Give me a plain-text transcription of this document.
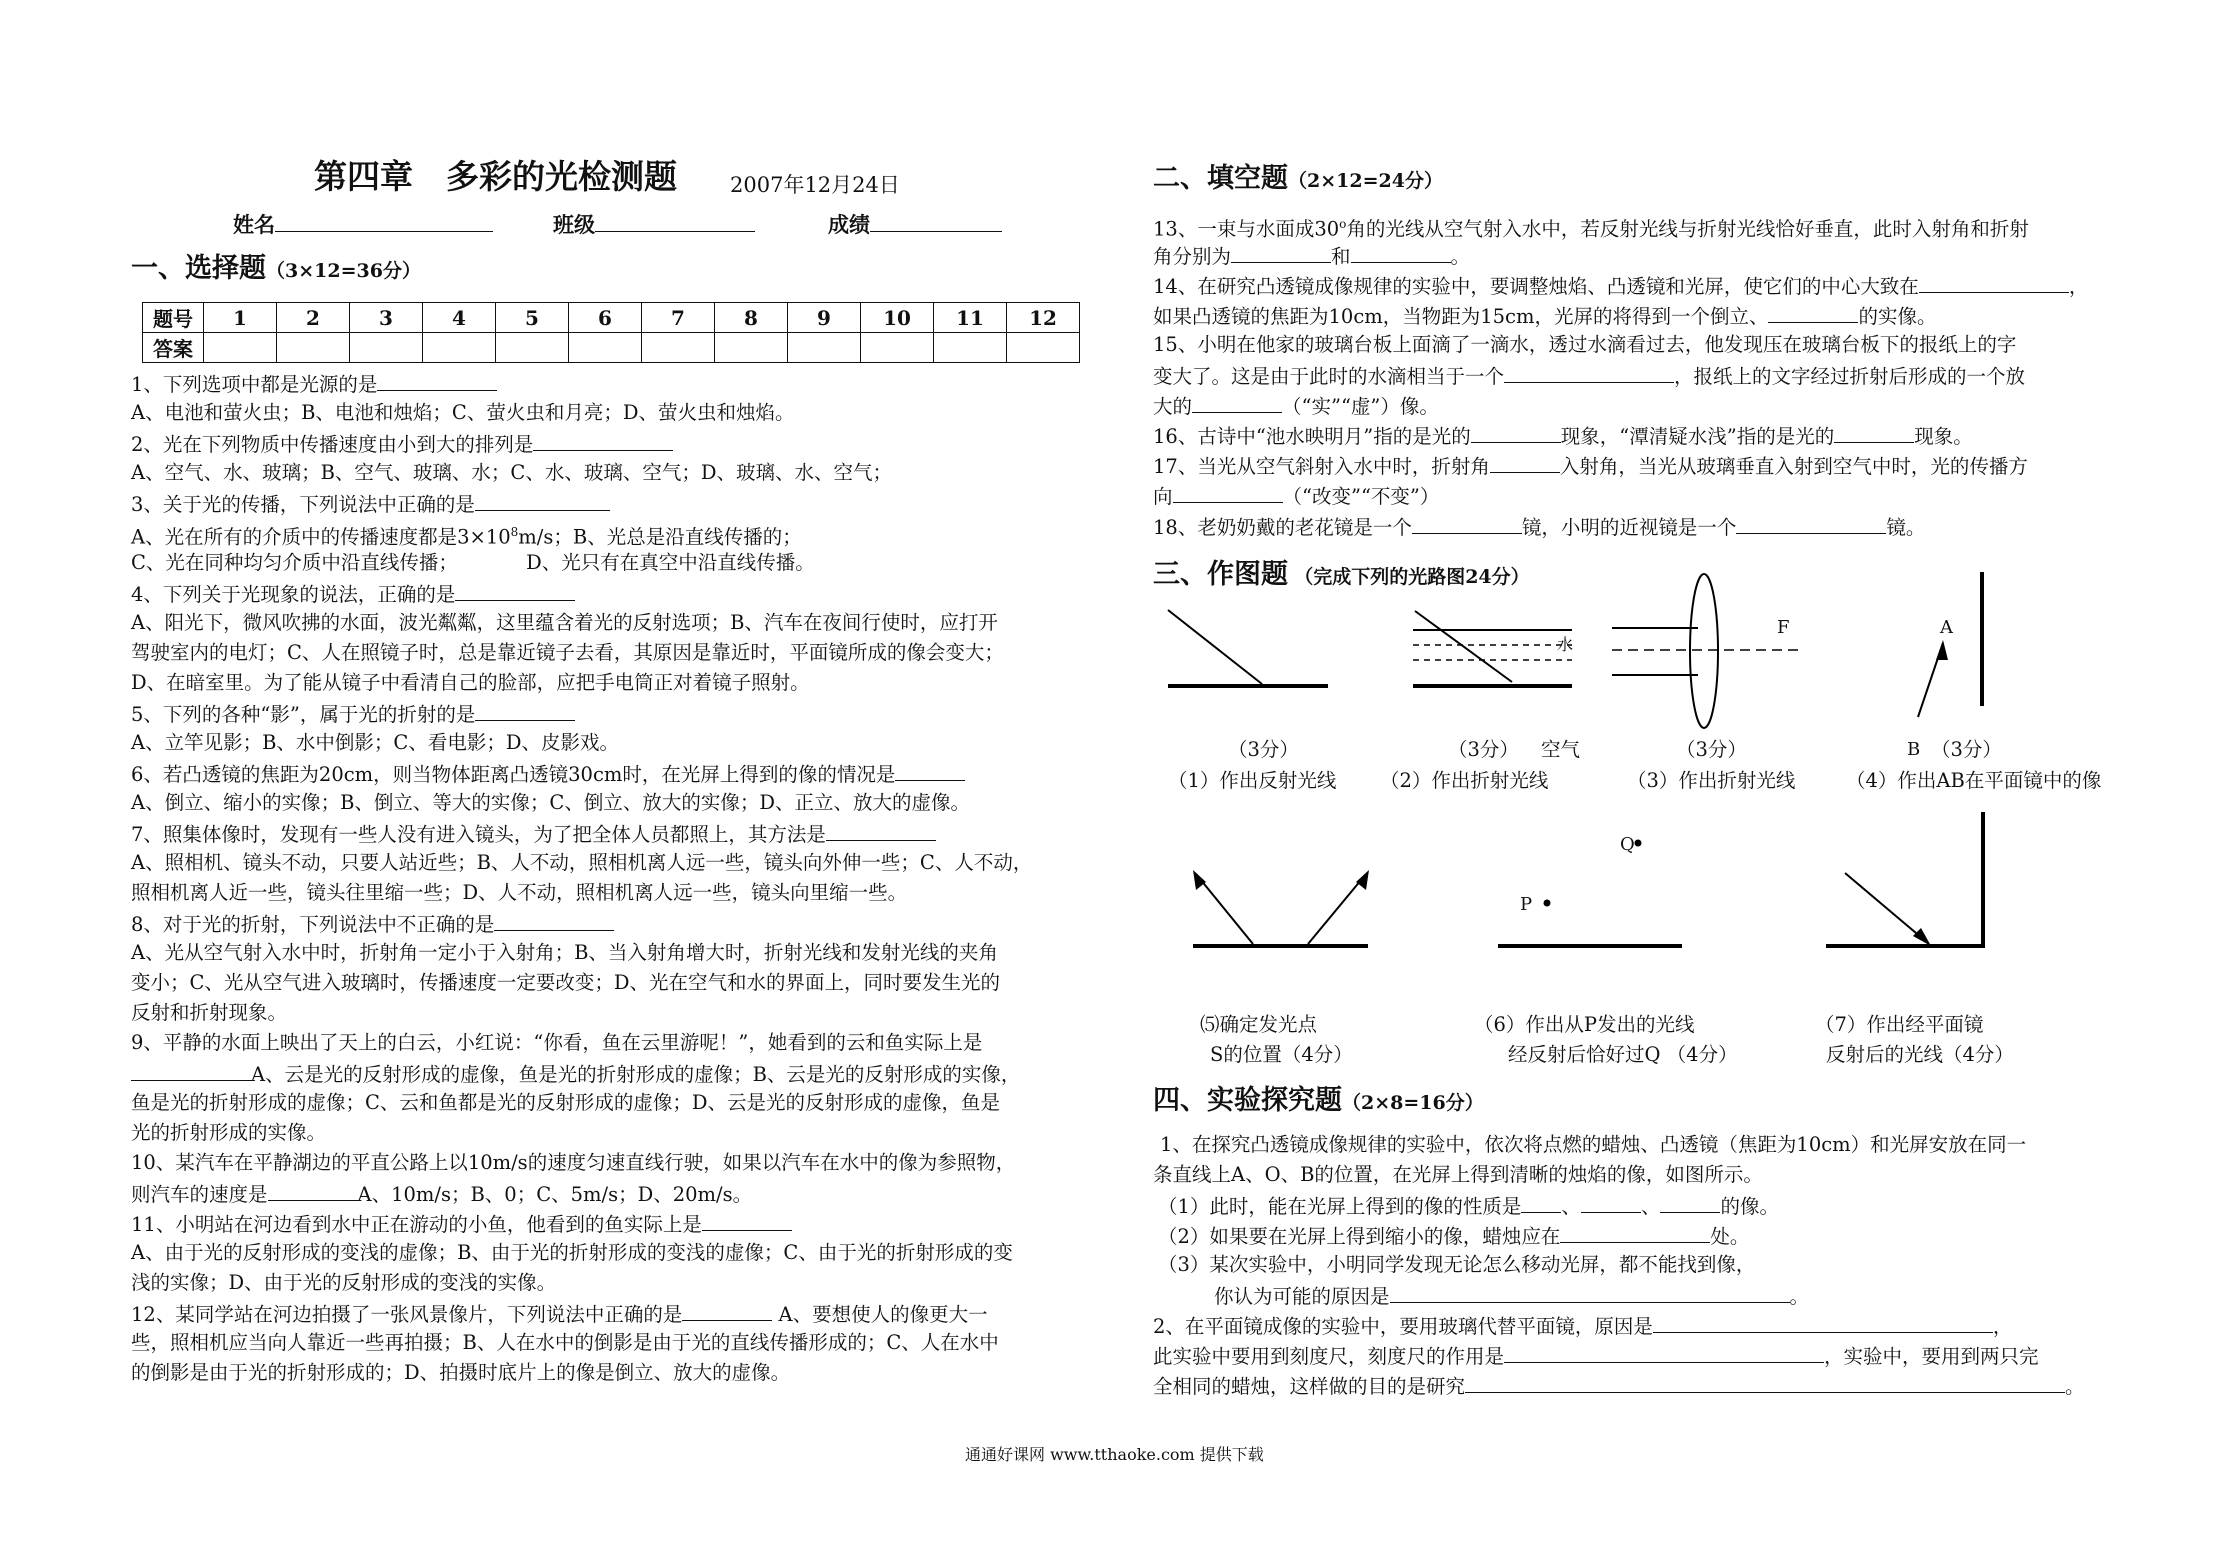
第四章　多彩的光检测题	2007年12月24日
姓名	班级	成绩
一、选择题（3×12=36分）
题号	1	2	3	4	5	6	7	8	9	10	11	12
答案												
1、下列选项中都是光源的是
A、电池和萤火虫；B、电池和烛焰；C、萤火虫和月亮；D、萤火虫和烛焰。
2、光在下列物质中传播速度由小到大的排列是
A、空气、水、玻璃；B、空气、玻璃、水；C、水、玻璃、空气；D、玻璃、水、空气；
3、关于光的传播，下列说法中正确的是
A、光在所有的介质中的传播速度都是$3\times 10^8m/s$；B、光总是沿直线传播的；
C、光在同种均匀介质中沿直线传播；　　　　D、光只有在真空中沿直线传播。
4、下列关于光现象的说法，正确的是
A、阳光下，微风吹拂的水面，波光粼粼，这里蕴含着光的反射选项；B、汽车在夜间行使时，应打开
驾驶室内的电灯；C、人在照镜子时，总是靠近镜子去看，其原因是靠近时，平面镜所成的像会变大；
D、在暗室里。为了能从镜子中看清自己的脸部，应把手电筒正对着镜子照射。
5、下列的各种“影”，属于光的折射的是
A、立竿见影；B、水中倒影；C、看电影；D、皮影戏。
6、若凸透镜的焦距为20cm，则当物体距离凸透镜30cm时，在光屏上得到的像的情况是
A、倒立、缩小的实像；B、倒立、等大的实像；C、倒立、放大的实像；D、正立、放大的虚像。
7、照集体像时，发现有一些人没有进入镜头，为了把全体人员都照上，其方法是
A、照相机、镜头不动，只要人站近些；B、人不动，照相机离人远一些，镜头向外伸一些；C、人不动，
照相机离人近一些，镜头往里缩一些；D、人不动，照相机离人远一些，镜头向里缩一些。
8、对于光的折射，下列说法中不正确的是
A、光从空气射入水中时，折射角一定小于入射角；B、当入射角增大时，折射光线和发射光线的夹角
变小；C、光从空气进入玻璃时，传播速度一定要改变；D、光在空气和水的界面上，同时要发生光的
反射和折射现象。
9、平静的水面上映出了天上的白云，小红说：“你看，鱼在云里游呢！”，她看到的云和鱼实际上是
A、云是光的反射形成的虚像，鱼是光的折射形成的虚像；B、云是光的反射形成的实像，
鱼是光的折射形成的虚像；C、云和鱼都是光的反射形成的虚像；D、云是光的反射形成的虚像，鱼是
光的折射形成的实像。
10、某汽车在平静湖边的平直公路上以10m/s的速度匀速直线行驶，如果以汽车在水中的像为参照物，
则汽车的速度是	A、10m/s；B、0；C、5m/s；D、20m/s。
11、小明站在河边看到水中正在游动的小鱼，他看到的鱼实际上是
A、由于光的反射形成的变浅的虚像；B、由于光的折射形成的变浅的虚像；C、由于光的折射形成的变
浅的实像；D、由于光的反射形成的变浅的实像。
12、某同学站在河边拍摄了一张风景像片，下列说法中正确的是	A、要想使人的像更大一
些，照相机应当向人靠近一些再拍摄；B、人在水中的倒影是由于光的直线传播形成的；C、人在水中
的倒影是由于光的折射形成的；D、拍摄时底片上的像是倒立、放大的虚像。
二、填空题（2×12=24分）
13、一束与水面成30$^o$角的光线从空气射入水中，若反射光线与折射光线恰好垂直，此时入射角和折射
角分别为	和	。
14、在研究凸透镜成像规律的实验中，要调整烛焰、凸透镜和光屏，使它们的中心大致在	，
如果凸透镜的焦距为10cm，当物距为15cm，光屏的将得到一个倒立、	的实像。
15、小明在他家的玻璃台板上面滴了一滴水，透过水滴看过去，他发现压在玻璃台板下的报纸上的字
变大了。这是由于此时的水滴相当于一个	，报纸上的文字经过折射后形成的一个放
大的	（“实”“虚”）像。
16、古诗中“池水映明月”指的是光的	现象，“潭清疑水浅”指的是光的	现象。
17、当光从空气斜射入水中时，折射角	入射角，当光从玻璃垂直入射到空气中时，光的传播方
向	（“改变”“不变”）
18、老奶奶戴的老花镜是一个	镜，小明的近视镜是一个	镜。
三、作图题 （完成下列的光路图24分）
水
F	A
B
P
Q
空气
（3分）
（1）作出反射光线
（3分）
（2）作出折射光线
（3分）
（3）作出折射光线
（3分）
（4）作出AB在平面镜中的像
⑸确定发光点
S的位置（4分）
（6）作出从P发出的光线
经反射后恰好过Q （4分）
（7）作出经平面镜
反射后的光线（4分）
四、实验探究题（2×8=16分）
1、在探究凸透镜成像规律的实验中，依次将点燃的蜡烛、凸透镜（焦距为10cm）和光屏安放在同一
条直线上A、O、B的位置，在光屏上得到清晰的烛焰的像，如图所示。
（1）此时，能在光屏上得到的像的性质是 、	、	的像。
（2）如果要在光屏上得到缩小的像，蜡烛应在	处。
（3）某次实验中，小明同学发现无论怎么移动光屏，都不能找到像，
你认为可能的原因是	。
2、在平面镜成像的实验中，要用玻璃代替平面镜，原因是	，
此实验中要用到刻度尺，刻度尺的作用是	，实验中，要用到两只完
全相同的蜡烛，这样做的目的是研究	。
通通好课网 www.tthaoke.com 提供下载
